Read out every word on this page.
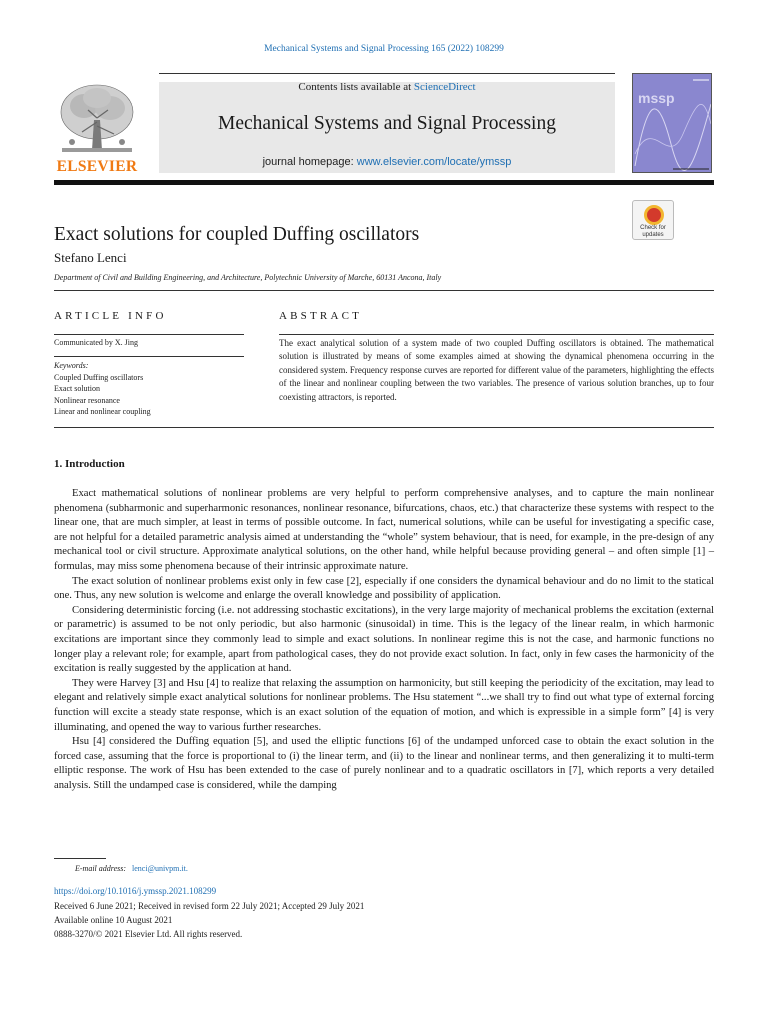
Mechanical Systems and Signal Processing 165 (2022) 108299
ELSEVIER
Contents lists available at ScienceDirect
Mechanical Systems and Signal Processing
journal homepage: www.elsevier.com/locate/ymssp
mssp
Check for
updates
Exact solutions for coupled Duffing oscillators
Stefano Lenci
Department of Civil and Building Engineering, and Architecture, Polytechnic University of Marche, 60131 Ancona, Italy
ARTICLE INFO
Communicated by X. Jing
Keywords:
Coupled Duffing oscillators
Exact solution
Nonlinear resonance
Linear and nonlinear coupling
ABSTRACT
The exact analytical solution of a system made of two coupled Duffing oscillators is obtained. The mathematical solution is illustrated by means of some examples aimed at showing the dynamical phenomena occurring in the considered system. Frequency response curves are reported for different value of the parameters, highlighting the effects of the linear and nonlinear coupling between the two variables. The presence of various solution branches, up to four coexisting attractors, is reported.
1. Introduction

Exact mathematical solutions of nonlinear problems are very helpful to perform comprehensive analyses, and to capture the main nonlinear phenomena (subharmonic and superharmonic resonances, nonlinear resonance, bifurcations, chaos, etc.) that characterize these systems with respect to the linear one, that are much simpler, at least in terms of possible outcome. In fact, numerical solutions, while can be useful for investigating a specific case, are not helpful for a detailed parametric analysis aimed at understanding the “whole” system behaviour, that is need, for example, in the pre-design of any mechanical tool or civil structure. Approximate analytical solutions, on the other hand, while helpful because providing general – and often simple [1] – formulas, may miss some phenomena because of their intrinsic approximate nature.

The exact solution of nonlinear problems exist only in few case [2], especially if one considers the dynamical behaviour and do no limit to the statical one. Thus, any new solution is welcome and enlarge the overall knowledge and possibility of application.

Considering deterministic forcing (i.e. not addressing stochastic excitations), in the very large majority of mechanical problems the excitation (external or parametric) is assumed to be not only periodic, but also harmonic (sinusoidal) in time. This is the legacy of the linear realm, in which harmonic excitations are important since they commonly lead to simple and exact solutions. In nonlinear regime this is not the case, and harmonic functions no longer play a relevant role; for example, apart from pathological cases, they do not provide exact solution. In fact, only in few cases the harmonicity of the excitation is really suggested by the application at hand.

They were Harvey [3] and Hsu [4] to realize that relaxing the assumption on harmonicity, but still keeping the periodicity of the excitation, may lead to elegant and relatively simple exact analytical solutions for nonlinear problems. The Hsu statement “...we shall try to find out what type of external forcing function will excite a steady state response, which is an exact solution of the equation of motion, and which is expressible in a simple form” [4] is very illuminating, and opened the way to various further researches.

Hsu [4] considered the Duffing equation [5], and used the elliptic functions [6] of the undamped unforced case to obtain the exact solution in the forced case, assuming that the force is proportional to (i) the linear term, and (ii) to the linear and nonlinear terms, and then generalizing it to multi-term elliptic response. The work of Hsu has been extended to the case of purely nonlinear and to a quadratic oscillators in [7], which reports a very detailed analysis. Still the undamped case is considered, while the damping

E-mail address: lenci@univpm.it.
https://doi.org/10.1016/j.ymssp.2021.108299
Received 6 June 2021; Received in revised form 22 July 2021; Accepted 29 July 2021
Available online 10 August 2021
0888-3270/© 2021 Elsevier Ltd. All rights reserved.
